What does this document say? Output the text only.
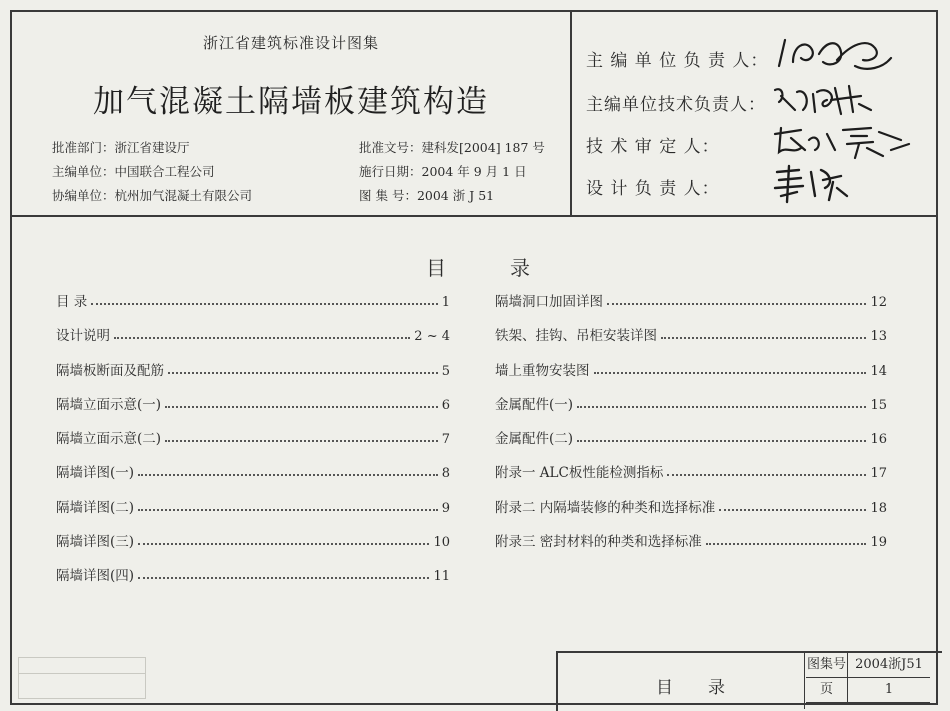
浙江省建筑标准设计图集
加气混凝土隔墙板建筑构造
批准部门：浙江省建设厅
主编单位：中国联合工程公司
协编单位：杭州加气混凝土有限公司
批准文号：建科发[2004] 187 号
施行日期：2004 年 9 月 1 日
图 集 号：2004 浙 J 51
主 编 单 位 负 责 人：
主编单位技术负责人：
技 术 审 定 人：
设 计 负 责 人：
目	录
目 录	1
设计说明	2 ~ 4
隔墙板断面及配筋	5
隔墙立面示意(一)	6
隔墙立面示意(二)	7
隔墙详图(一)	8
隔墙详图(二)	9
隔墙详图(三)	10
隔墙详图(四)	11
隔墙洞口加固详图	12
铁架、挂钩、吊柜安装详图	13
墙上重物安装图	14
金属配件(一)	15
金属配件(二)	16
附录一 ALC板性能检测指标	17
附录二 内隔墙装修的种类和选择标准	18
附录三 密封材料的种类和选择标准	19
目 录
图集号 2004浙J51
页	1
